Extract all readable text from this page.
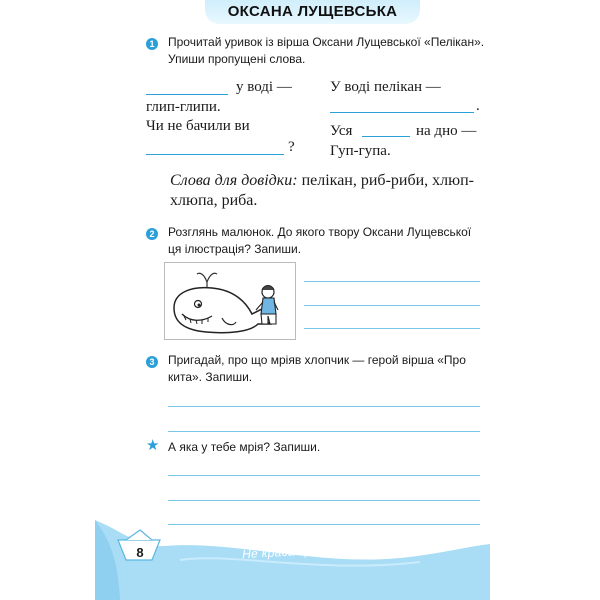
ОКСАНА ЛУЩЕВСЬКА
1 Прочитай уривок із вірша Оксани Лущевської «Пелікан».
Упиши пропущені слова.
у воді —
глип-глипи.
Чи не бачили ви
?
У воді пелікан —
.
Уся	на дно —
Гуп-гупа.
Слова для довідки: пелікан, риб-риби, хлюп-
хлюпа, риба.
2 Розглянь малюнок. До якого твору Оксани Лущевської
ця ілюстрація? Запиши.
3 Пригадай, про що мріяв хлопчик — герой вірша «Про
кита». Запиши.
★ А яка у тебе мрія? Запиши.
8	Не краса красить, а розум.
